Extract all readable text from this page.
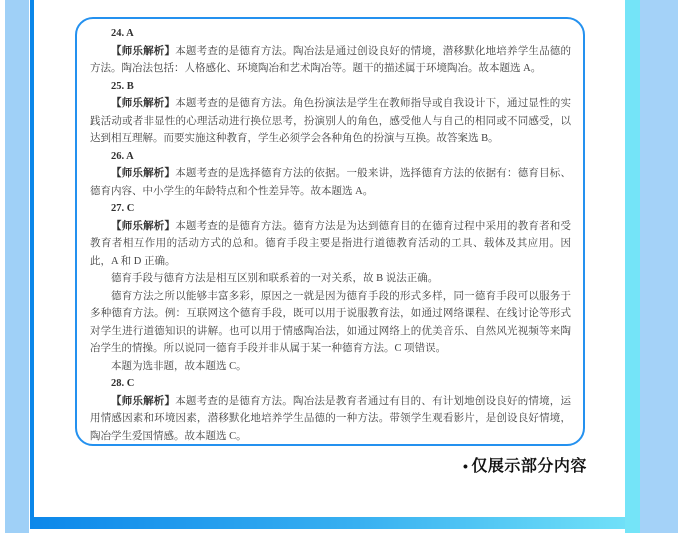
24. A

【师乐解析】本题考查的是德育方法。陶冶法是通过创设良好的情境，潜移默化地培养学生品德的方法。陶冶法包括：人格感化、环境陶冶和艺术陶冶等。题干的描述属于环境陶冶。故本题选 A。

25. B

【师乐解析】本题考查的是德育方法。角色扮演法是学生在教师指导或自我设计下，通过显性的实践活动或者非显性的心理活动进行换位思考，扮演别人的角色，感受他人与自己的相同或不同感受，以达到相互理解。而要实施这种教育，学生必须学会各种角色的扮演与互换。故答案选 B。

26. A

【师乐解析】本题考查的是选择德育方法的依据。一般来讲，选择德育方法的依据有：德育目标、德育内容、中小学生的年龄特点和个性差异等。故本题选 A。

27. C

【师乐解析】本题考查的是德育方法。德育方法是为达到德育目的在德育过程中采用的教育者和受教育者相互作用的活动方式的总和。德育手段主要是指进行道德教育活动的工具、载体及其应用。因此，A 和 D 正确。

德育手段与德育方法是相互区别和联系着的一对关系，故 B 说法正确。

德育方法之所以能够丰富多彩，原因之一就是因为德育手段的形式多样，同一德育手段可以服务于多种德育方法。例：互联网这个德育手段，既可以用于说服教育法，如通过网络课程、在线讨论等形式对学生进行道德知识的讲解。也可以用于情感陶冶法，如通过网络上的优美音乐、自然风光视频等来陶冶学生的情操。所以说同一德育手段并非从属于某一种德育方法。C 项错误。

本题为选非题，故本题选 C。

28. C

【师乐解析】本题考查的是德育方法。陶冶法是教育者通过有目的、有计划地创设良好的情境，运用情感因素和环境因素，潜移默化地培养学生品德的一种方法。带领学生观看影片，是创设良好情境，陶冶学生爱国情感。故本题选 C。

• 仅展示部分内容
